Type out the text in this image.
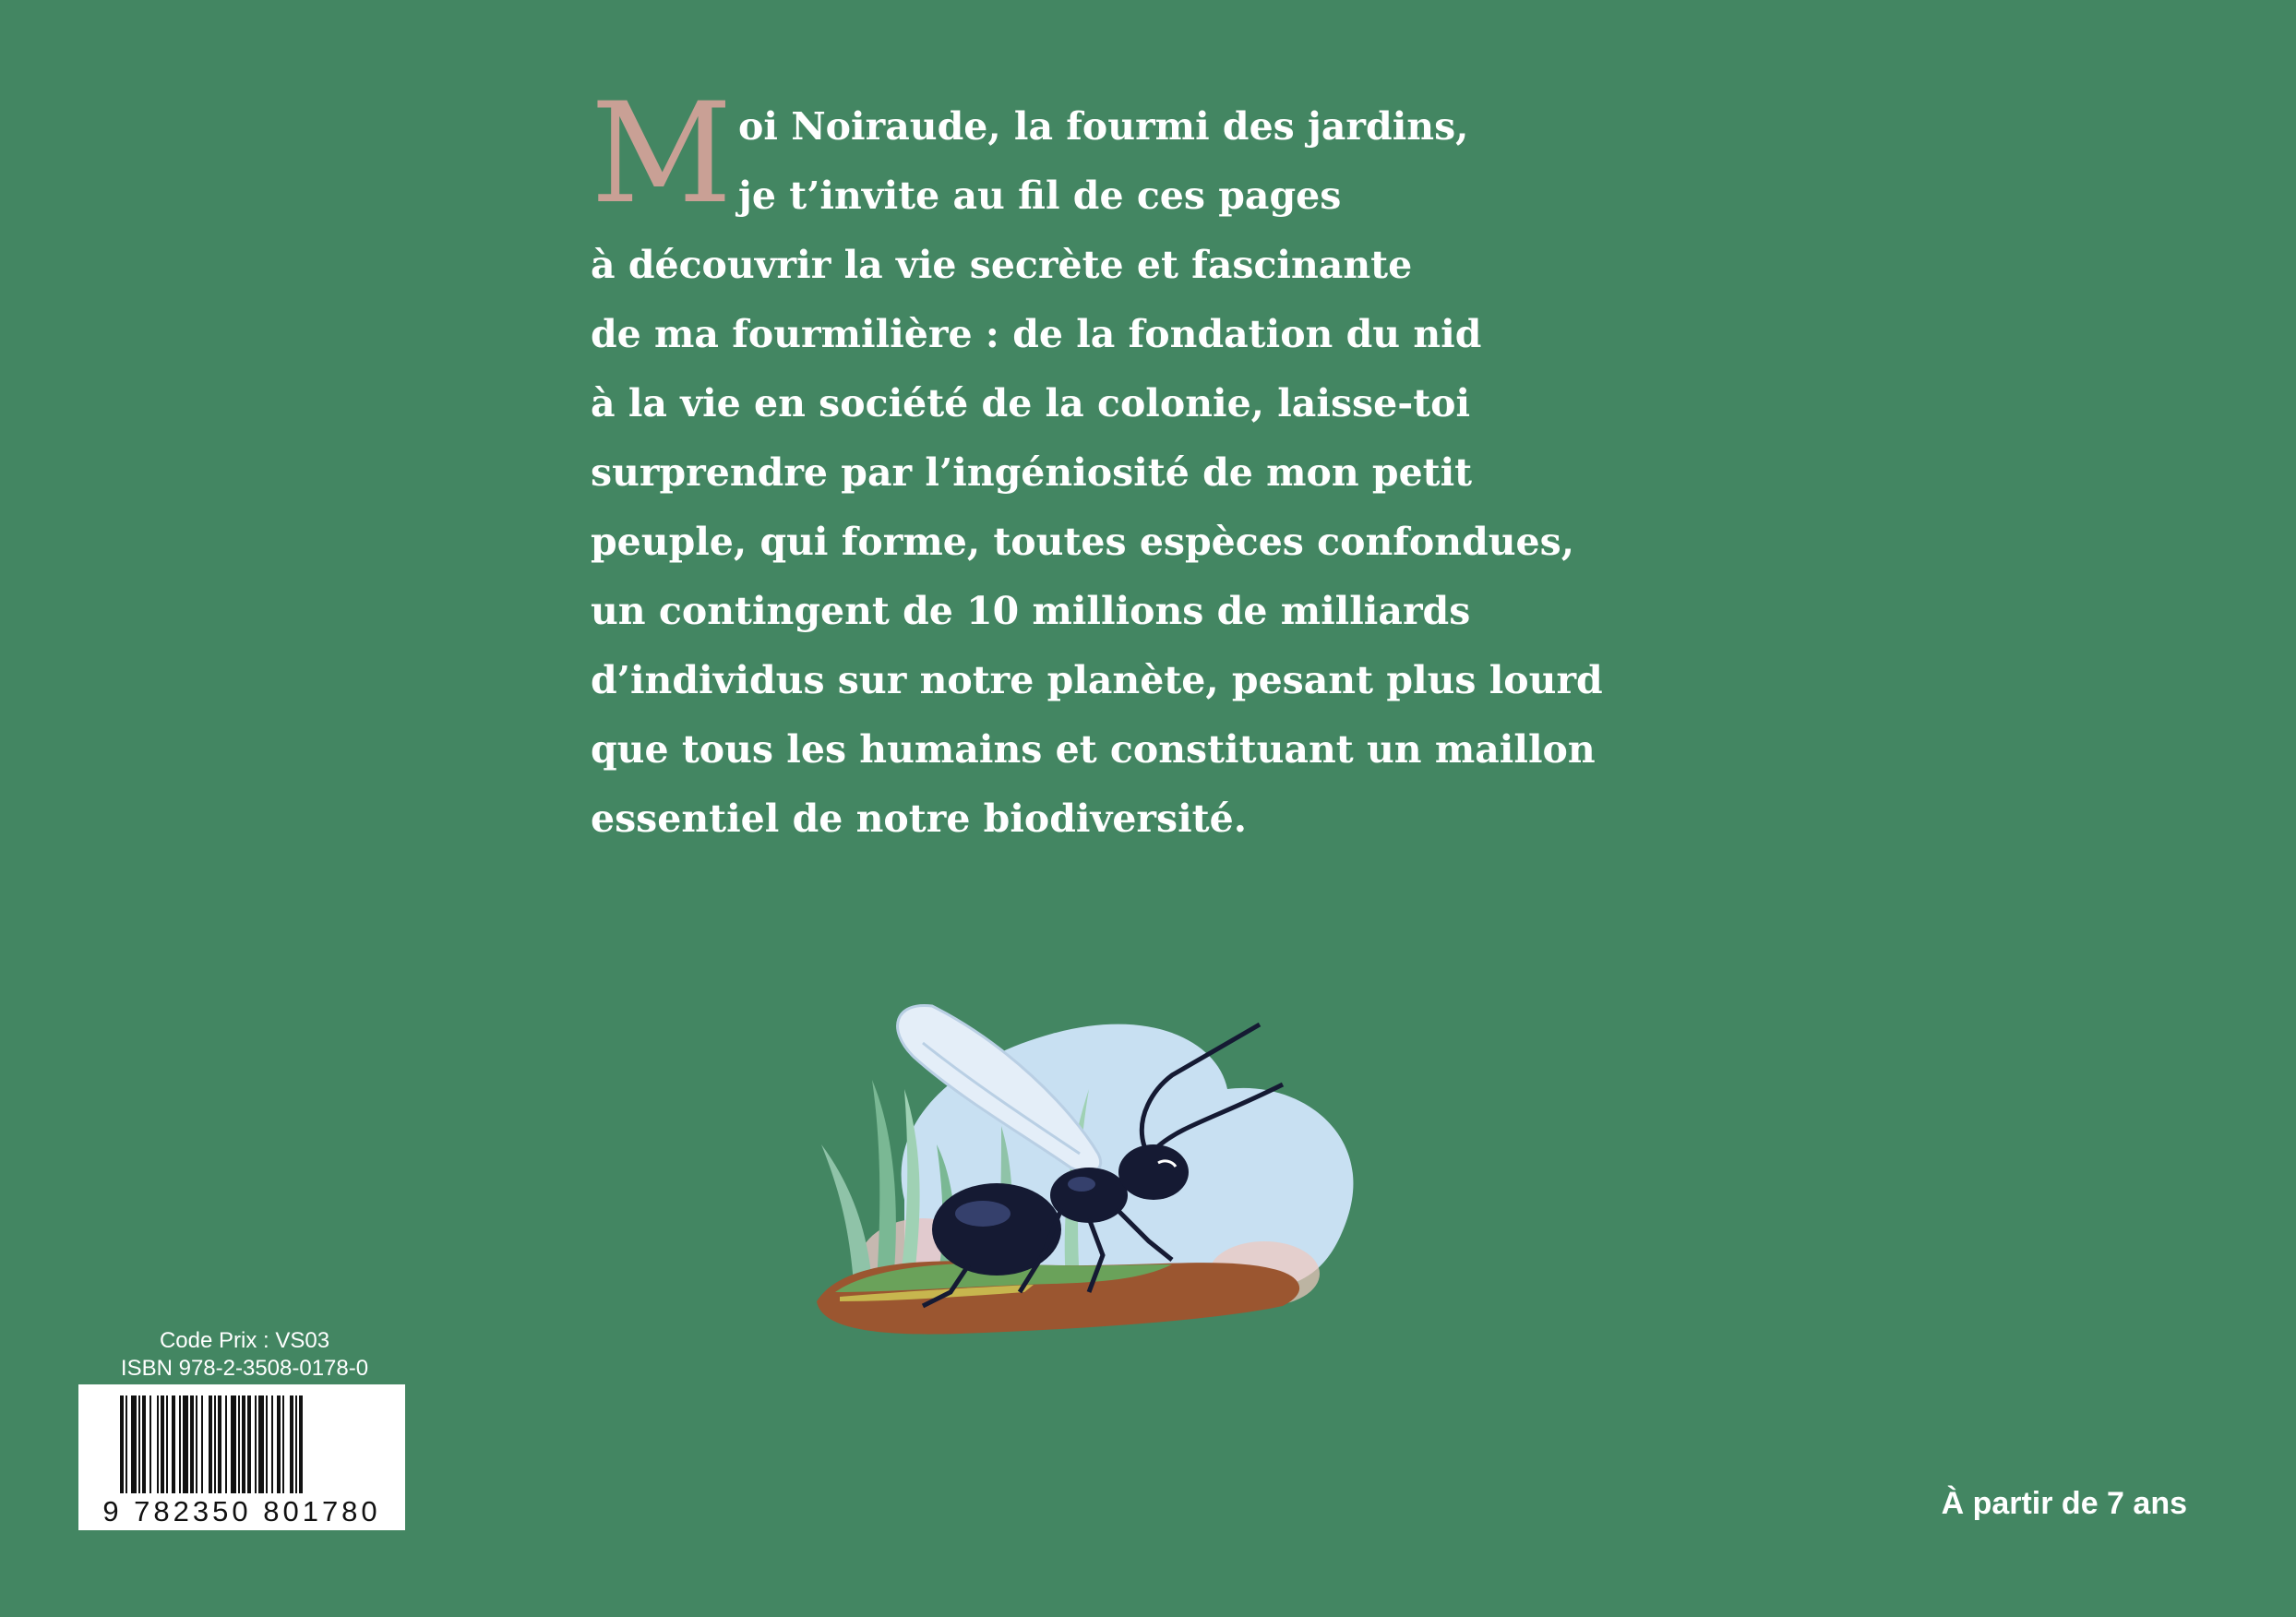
M oi Noiraude, la fourmi des jardins,
je t’invite au fil de ces pages
à découvrir la vie secrète et fascinante
de ma fourmilière : de la fondation du nid
à la vie en société de la colonie, laisse-toi
surprendre par l’ingéniosité de mon petit
peuple, qui forme, toutes espèces confondues,
un contingent de 10 millions de milliards
d’individus sur notre planète, pesant plus lourd
que tous les humains et constituant un maillon
essentiel de notre biodiversité.
Code Prix : VS03
ISBN 978-2-3508-0178-0
9 782350 801780	À partir de 7 ans
